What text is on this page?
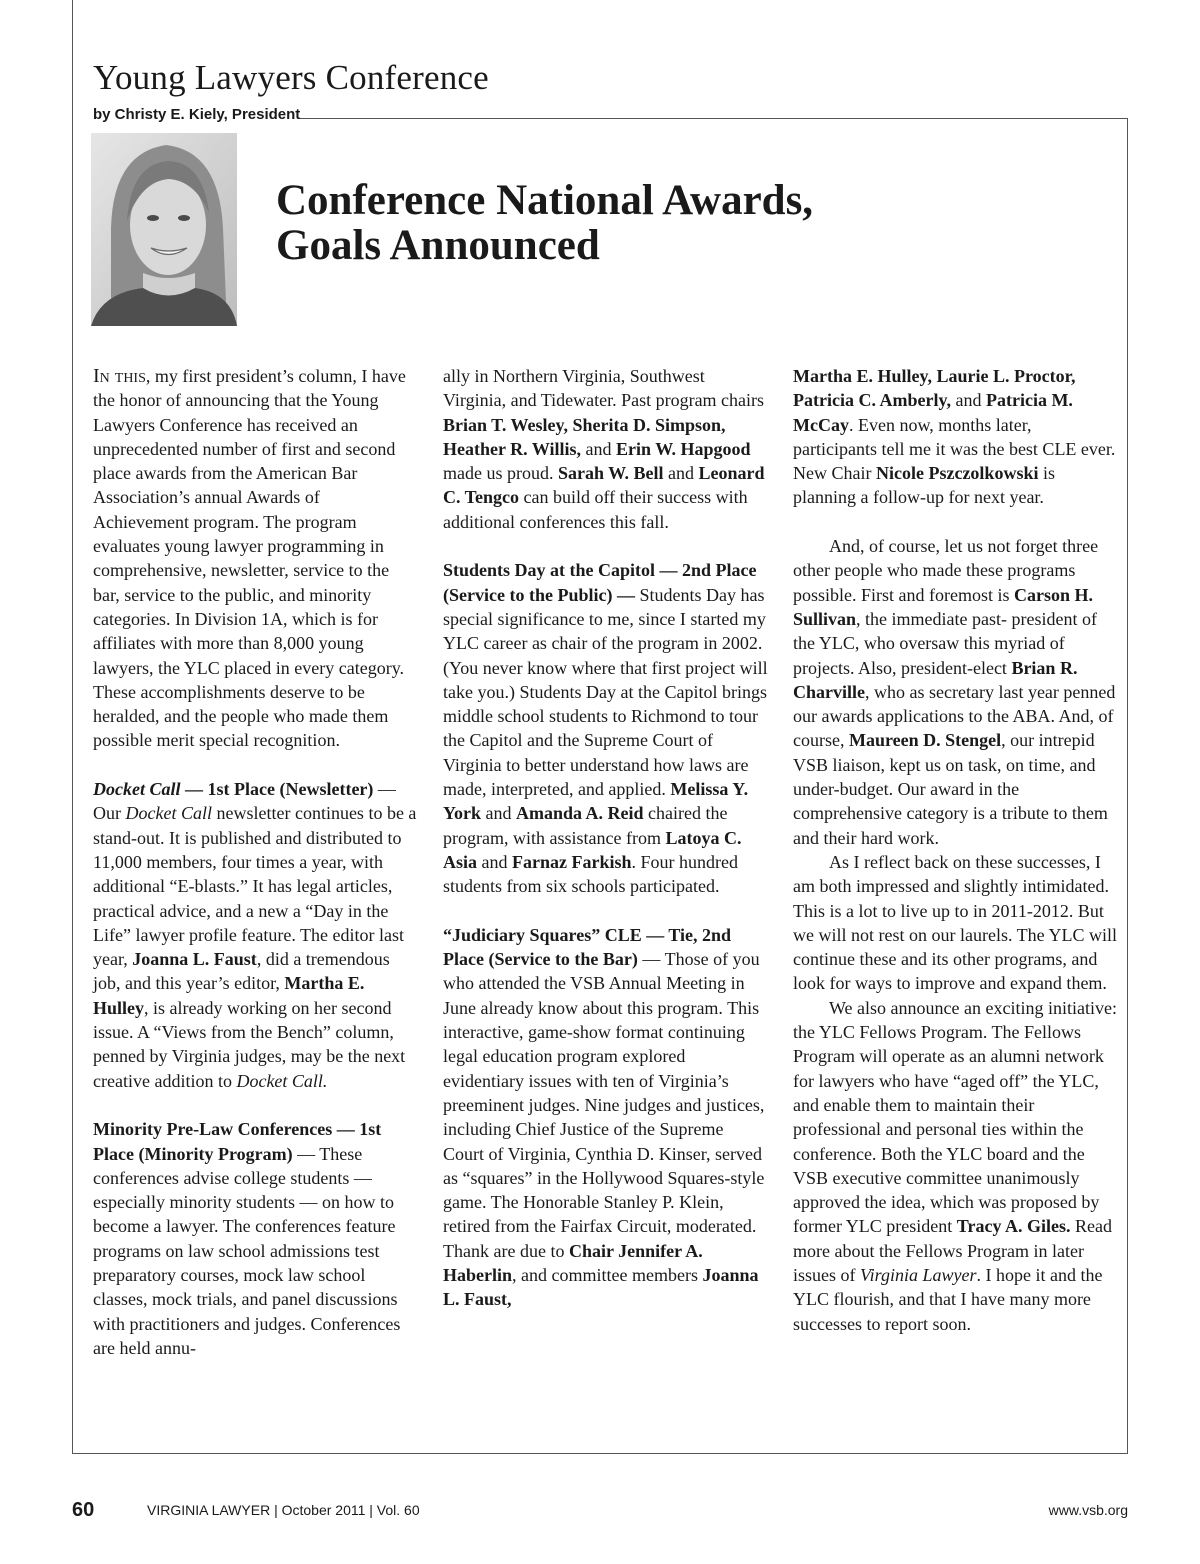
Young Lawyers Conference
by Christy E. Kiely, President
Conference National Awards,
Goals Announced

In this, my first president’s column, I have the honor of announcing that the Young Lawyers Conference has received an unprecedented number of first and second place awards from the American Bar Association’s annual Awards of Achievement program. The program evaluates young lawyer programming in comprehensive, newsletter, service to the bar, service to the public, and minority categories. In Division 1A, which is for affiliates with more than 8,000 young lawyers, the YLC placed in every category. These accomplishments deserve to be heralded, and the people who made them possible merit special recognition.

Docket Call — 1st Place (Newsletter) — Our Docket Call newsletter continues to be a stand-out. It is published and distributed to 11,000 members, four times a year, with additional “E-blasts.” It has legal articles, practical advice, and a new a “Day in the Life” lawyer profile feature. The editor last year, Joanna L. Faust, did a tremendous job, and this year’s editor, Martha E. Hulley, is already working on her second issue. A “Views from the Bench” column, penned by Virginia judges, may be the next creative addition to Docket Call.

Minority Pre-Law Conferences — 1st Place (Minority Program) — These conferences advise college students — especially minority students — on how to become a lawyer. The conferences feature programs on law school admissions test preparatory courses, mock law school classes, mock trials, and panel discussions with practitioners and judges. Conferences are held annu-

ally in Northern Virginia, Southwest Virginia, and Tidewater. Past program chairs Brian T. Wesley, Sherita D. Simpson, Heather R. Willis, and Erin W. Hapgood made us proud. Sarah W. Bell and Leonard C. Tengco can build off their success with additional conferences this fall.

Students Day at the Capitol — 2nd Place (Service to the Public) — Students Day has special significance to me, since I started my YLC career as chair of the program in 2002. (You never know where that first project will take you.) Students Day at the Capitol brings middle school students to Richmond to tour the Capitol and the Supreme Court of Virginia to better understand how laws are made, interpreted, and applied. Melissa Y. York and Amanda A. Reid chaired the program, with assistance from Latoya C. Asia and Farnaz Farkish. Four hundred students from six schools participated.

“Judiciary Squares” CLE — Tie, 2nd Place (Service to the Bar) — Those of you who attended the VSB Annual Meeting in June already know about this program. This interactive, game-show format continuing legal education program explored evidentiary issues with ten of Virginia’s preeminent judges. Nine judges and justices, including Chief Justice of the Supreme Court of Virginia, Cynthia D. Kinser, served as “squares” in the Hollywood Squares-style game. The Honorable Stanley P. Klein, retired from the Fairfax Circuit, moderated. Thank are due to Chair Jennifer A. Haberlin, and committee members Joanna L. Faust,

Martha E. Hulley, Laurie L. Proctor, Patricia C. Amberly, and Patricia M. McCay. Even now, months later, participants tell me it was the best CLE ever. New Chair Nicole Pszczolkowski is planning a follow-up for next year.

And, of course, let us not forget three other people who made these programs possible. First and foremost is Carson H. Sullivan, the immediate past- president of the YLC, who oversaw this myriad of projects. Also, president-elect Brian R. Charville, who as secretary last year penned our awards applications to the ABA. And, of course, Maureen D. Stengel, our intrepid VSB liaison, kept us on task, on time, and under-budget. Our award in the comprehensive category is a tribute to them and their hard work.

As I reflect back on these successes, I am both impressed and slightly intimidated. This is a lot to live up to in 2011-2012. But we will not rest on our laurels. The YLC will continue these and its other programs, and look for ways to improve and expand them.

We also announce an exciting initiative: the YLC Fellows Program. The Fellows Program will operate as an alumni network for lawyers who have “aged off” the YLC, and enable them to maintain their professional and personal ties within the conference. Both the YLC board and the VSB executive committee unanimously approved the idea, which was proposed by former YLC president Tracy A. Giles. Read more about the Fellows Program in later issues of Virginia Lawyer. I hope it and the YLC flourish, and that I have many more successes to report soon.

60	VIRGINIA LAWYER | October 2011 | Vol. 60	www.vsb.org
